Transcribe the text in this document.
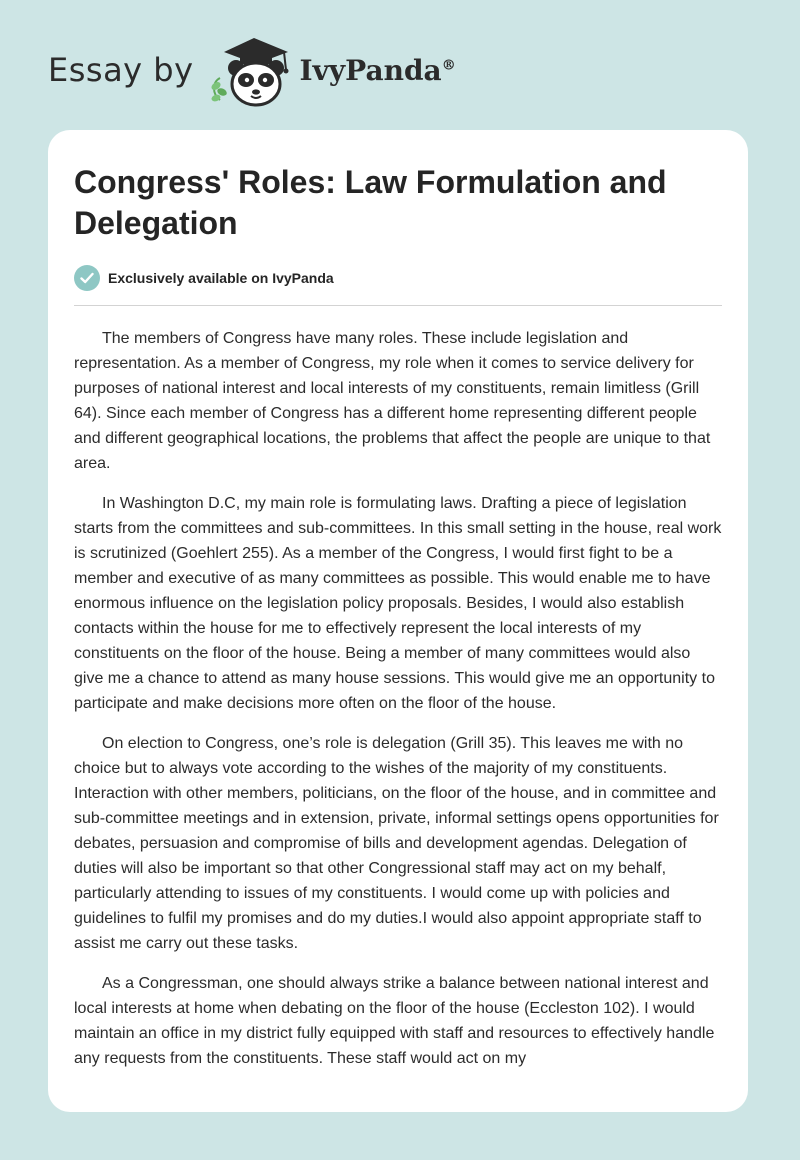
Essay by	IvyPanda®
Congress' Roles: Law Formulation and Delegation
Exclusively available on IvyPanda

The members of Congress have many roles. These include legislation and representation. As a member of Congress, my role when it comes to service delivery for purposes of national interest and local interests of my constituents, remain limitless (Grill 64). Since each member of Congress has a different home representing different people and different geographical locations, the problems that affect the people are unique to that area.

In Washington D.C, my main role is formulating laws. Drafting a piece of legislation starts from the committees and sub-committees. In this small setting in the house, real work is scrutinized (Goehlert 255). As a member of the Congress, I would first fight to be a member and executive of as many committees as possible. This would enable me to have enormous influence on the legislation policy proposals. Besides, I would also establish contacts within the house for me to effectively represent the local interests of my constituents on the floor of the house. Being a member of many committees would also give me a chance to attend as many house sessions. This would give me an opportunity to participate and make decisions more often on the floor of the house.

On election to Congress, one’s role is delegation (Grill 35). This leaves me with no choice but to always vote according to the wishes of the majority of my constituents. Interaction with other members, politicians, on the floor of the house, and in committee and sub-committee meetings and in extension, private, informal settings opens opportunities for debates, persuasion and compromise of bills and development agendas. Delegation of duties will also be important so that other Congressional staff may act on my behalf, particularly attending to issues of my constituents. I would come up with policies and guidelines to fulfil my promises and do my duties.I would also appoint appropriate staff to assist me carry out these tasks.

As a Congressman, one should always strike a balance between national interest and local interests at home when debating on the floor of the house (Eccleston 102). I would maintain an office in my district fully equipped with staff and resources to effectively handle any requests from the constituents. These staff would act on my
